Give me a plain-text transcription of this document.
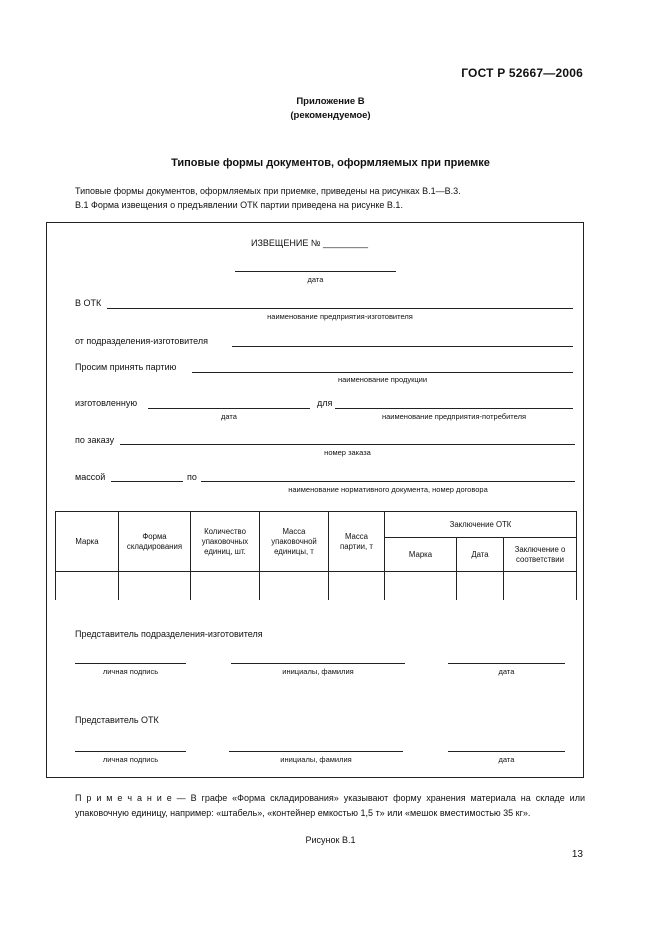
ГОСТ Р 52667—2006
Приложение В
(рекомендуемое)
Типовые формы документов, оформляемых при приемке
Типовые формы документов, оформляемых при приемке, приведены на рисунках В.1—В.3.
В.1 Форма извещения о предъявлении ОТК партии приведена на рисунке В.1.
ИЗВЕЩЕНИЕ № _________
дата
В ОТК
наименование предприятия-изготовителя
от подразделения-изготовителя
Просим принять партию
наименование продукции
изготовленную
дата
для
наименование предприятия-потребителя
по заказу
номер заказа
массой	по
наименование нормативного документа, номер договора
Марка	Форма складирования	Количество упаковочных единиц, шт.	Масса упаковочной единицы, т	Масса партии, т	Заключение ОТК		
					Марка	Дата	Заключение о соответствии

Представитель подразделения-изготовителя
личная подпись	инициалы, фамилия	дата
Представитель ОТК
личная подпись	инициалы, фамилия	дата
П р и м е ч а н и е — В графе «Форма складирования» указывают форму хранения материала на складе или упаковочную единицу, например: «штабель», «контейнер емкостью 1,5 т» или «мешок вместимостью 35 кг».
Рисунок В.1
13
